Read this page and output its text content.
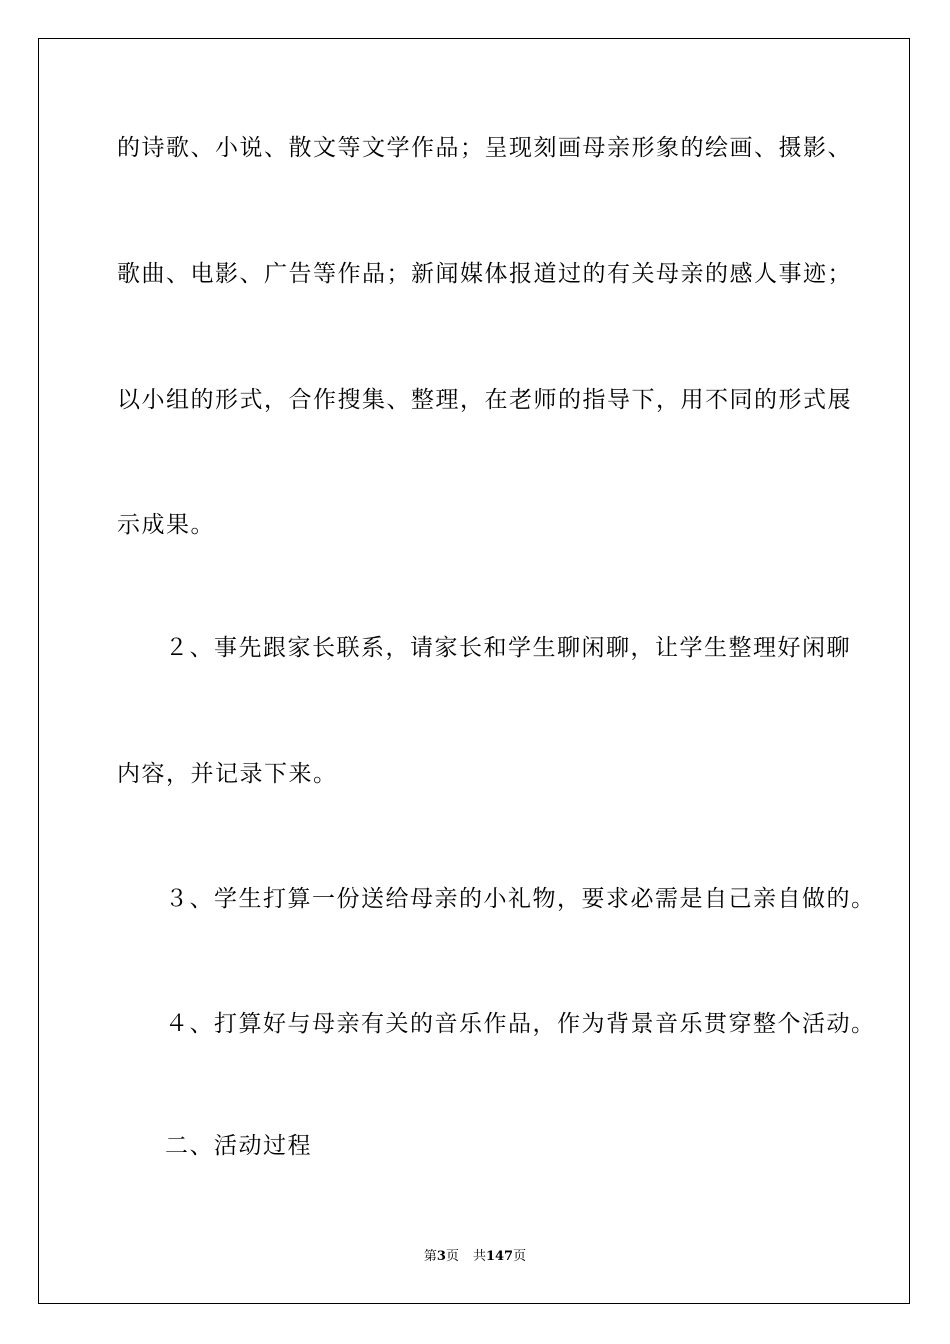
的诗歌、小说、散文等文学作品；呈现刻画母亲形象的绘画、摄影、
歌曲、电影、广告等作品；新闻媒体报道过的有关母亲的感人事迹；
以小组的形式，合作搜集、整理，在老师的指导下，用不同的形式展
示成果。
２、事先跟家长联系，请家长和学生聊闲聊，让学生整理好闲聊
内容，并记录下来。
３、学生打算一份送给母亲的小礼物，要求必需是自己亲自做的。
４、打算好与母亲有关的音乐作品，作为背景音乐贯穿整个活动。
二、活动过程
第3页 共147页
